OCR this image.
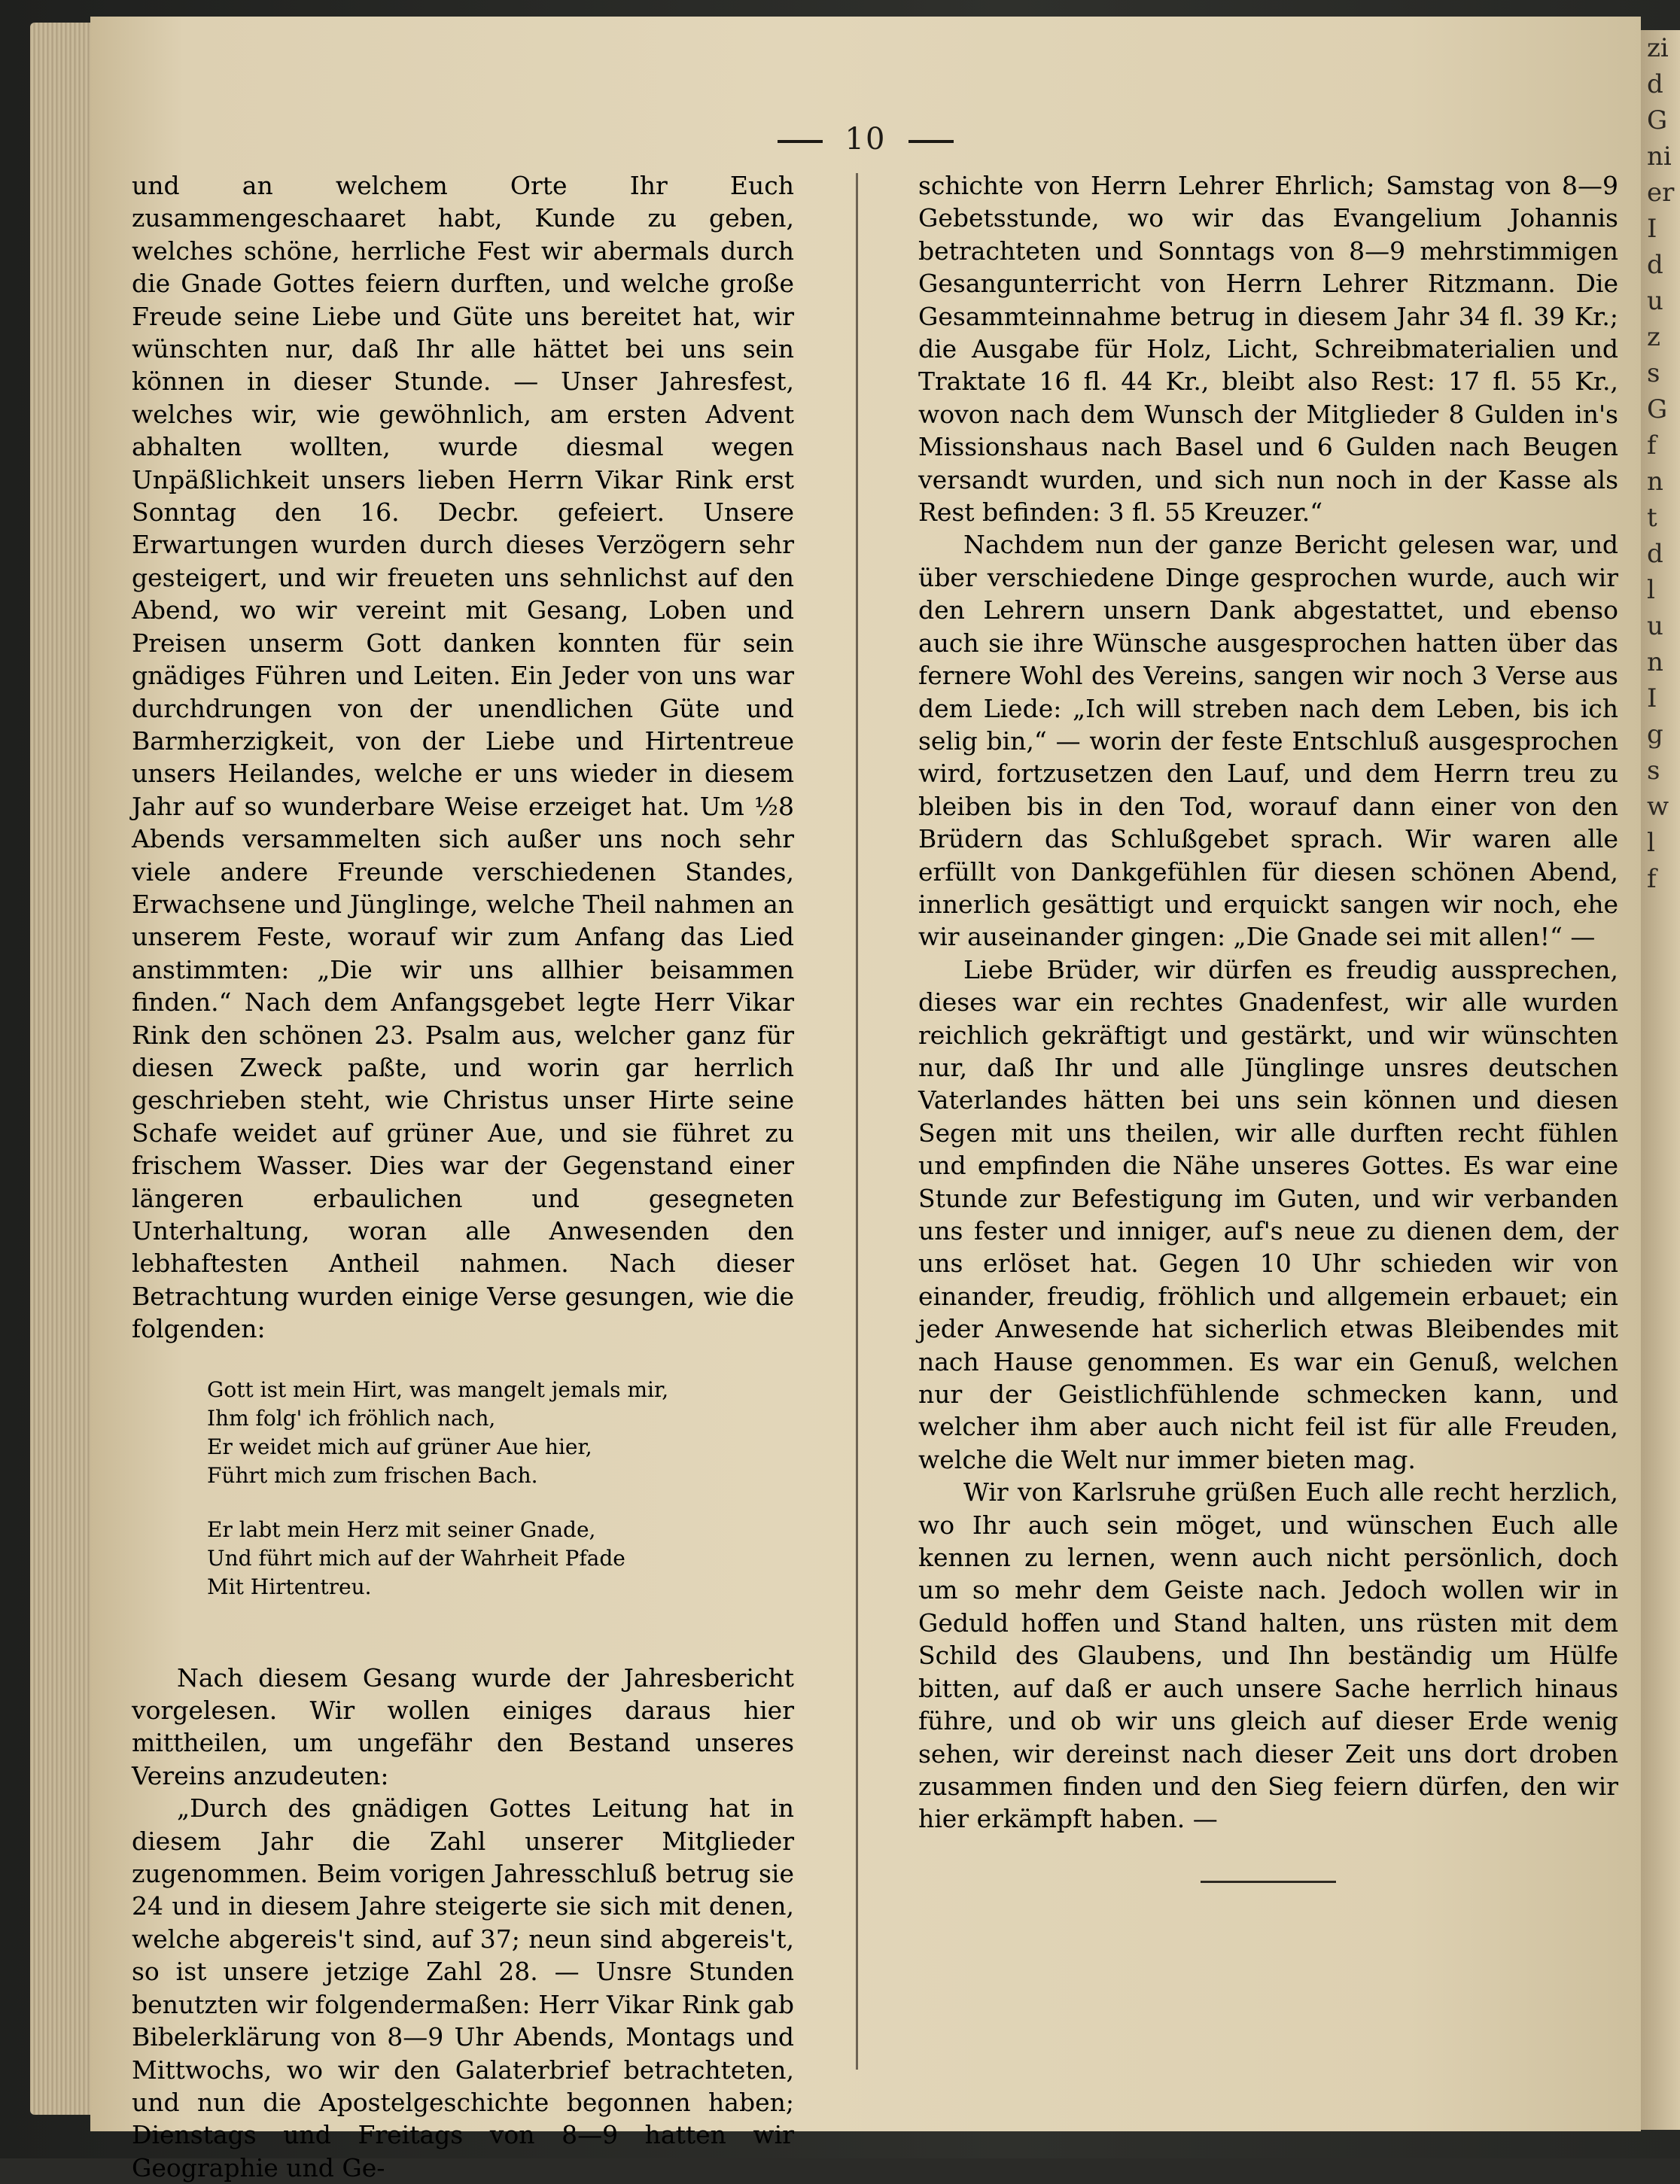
10

und an welchem Orte Ihr Euch zusammengeschaaret habt, Kunde zu geben, welches schöne, herrliche Fest wir abermals durch die Gnade Gottes feiern durften, und welche große Freude seine Liebe und Güte uns bereitet hat, wir wünschten nur, daß Ihr alle hättet bei uns sein können in dieser Stunde. — Unser Jahresfest, welches wir, wie gewöhnlich, am ersten Advent abhalten wollten, wurde diesmal wegen Unpäßlichkeit unsers lieben Herrn Vikar Rink erst Sonntag den 16. Decbr. gefeiert. Unsere Erwartungen wurden durch dieses Verzögern sehr gesteigert, und wir freueten uns sehnlichst auf den Abend, wo wir vereint mit Gesang, Loben und Preisen unserm Gott danken konnten für sein gnädiges Führen und Leiten. Ein Jeder von uns war durchdrungen von der unendlichen Güte und Barmherzigkeit, von der Liebe und Hirtentreue unsers Heilandes, welche er uns wieder in diesem Jahr auf so wunderbare Weise erzeiget hat. Um ½8 Abends versammelten sich außer uns noch sehr viele andere Freunde verschiedenen Standes, Erwachsene und Jünglinge, welche Theil nahmen an unserem Feste, worauf wir zum Anfang das Lied anstimmten: „Die wir uns allhier beisammen finden.“ Nach dem Anfangsgebet legte Herr Vikar Rink den schönen 23. Psalm aus, welcher ganz für diesen Zweck paßte, und worin gar herrlich geschrieben steht, wie Christus unser Hirte seine Schafe weidet auf grüner Aue, und sie führet zu frischem Wasser. Dies war der Gegenstand einer längeren erbaulichen und gesegneten Unterhaltung, woran alle Anwesenden den lebhaftesten Antheil nahmen. Nach dieser Betrachtung wurden einige Verse gesungen, wie die folgenden:

Gott ist mein Hirt, was mangelt jemals mir,
Ihm folg' ich fröhlich nach,
Er weidet mich auf grüner Aue hier,
Führt mich zum frischen Bach.
Er labt mein Herz mit seiner Gnade,
Und führt mich auf der Wahrheit Pfade
Mit Hirtentreu.

Nach diesem Gesang wurde der Jahresbericht vorgelesen. Wir wollen einiges daraus hier mittheilen, um ungefähr den Bestand unseres Vereins anzudeuten:

„Durch des gnädigen Gottes Leitung hat in diesem Jahr die Zahl unserer Mitglieder zugenommen. Beim vorigen Jahresschluß betrug sie 24 und in diesem Jahre steigerte sie sich mit denen, welche abgereis't sind, auf 37; neun sind abgereis't, so ist unsere jetzige Zahl 28. — Unsre Stunden benutzten wir folgendermaßen: Herr Vikar Rink gab Bibelerklärung von 8—9 Uhr Abends, Montags und Mittwochs, wo wir den Galaterbrief betrachteten, und nun die Apostelgeschichte begonnen haben; Dienstags und Freitags von 8—9 hatten wir Geographie und Ge-

schichte von Herrn Lehrer Ehrlich; Samstag von 8—9 Gebetsstunde, wo wir das Evangelium Johannis betrachteten und Sonntags von 8—9 mehrstimmigen Gesangunterricht von Herrn Lehrer Ritzmann. Die Gesammteinnahme betrug in diesem Jahr 34 fl. 39 Kr.; die Ausgabe für Holz, Licht, Schreibmaterialien und Traktate 16 fl. 44 Kr., bleibt also Rest: 17 fl. 55 Kr., wovon nach dem Wunsch der Mitglieder 8 Gulden in's Missionshaus nach Basel und 6 Gulden nach Beugen versandt wurden, und sich nun noch in der Kasse als Rest befinden: 3 fl. 55 Kreuzer.“

Nachdem nun der ganze Bericht gelesen war, und über verschiedene Dinge gesprochen wurde, auch wir den Lehrern unsern Dank abgestattet, und ebenso auch sie ihre Wünsche ausgesprochen hatten über das fernere Wohl des Vereins, sangen wir noch 3 Verse aus dem Liede: „Ich will streben nach dem Leben, bis ich selig bin,“ — worin der feste Entschluß ausgesprochen wird, fortzusetzen den Lauf, und dem Herrn treu zu bleiben bis in den Tod, worauf dann einer von den Brüdern das Schlußgebet sprach. Wir waren alle erfüllt von Dankgefühlen für diesen schönen Abend, innerlich gesättigt und erquickt sangen wir noch, ehe wir auseinander gingen: „Die Gnade sei mit allen!“ —

Liebe Brüder, wir dürfen es freudig aussprechen, dieses war ein rechtes Gnadenfest, wir alle wurden reichlich gekräftigt und gestärkt, und wir wünschten nur, daß Ihr und alle Jünglinge unsres deutschen Vaterlandes hätten bei uns sein können und diesen Segen mit uns theilen, wir alle durften recht fühlen und empfinden die Nähe unseres Gottes. Es war eine Stunde zur Befestigung im Guten, und wir verbanden uns fester und inniger, auf's neue zu dienen dem, der uns erlöset hat. Gegen 10 Uhr schieden wir von einander, freudig, fröhlich und allgemein erbauet; ein jeder Anwesende hat sicherlich etwas Bleibendes mit nach Hause genommen. Es war ein Genuß, welchen nur der Geistlichfühlende schmecken kann, und welcher ihm aber auch nicht feil ist für alle Freuden, welche die Welt nur immer bieten mag.

Wir von Karlsruhe grüßen Euch alle recht herzlich, wo Ihr auch sein möget, und wünschen Euch alle kennen zu lernen, wenn auch nicht persönlich, doch um so mehr dem Geiste nach. Jedoch wollen wir in Geduld hoffen und Stand halten, uns rüsten mit dem Schild des Glaubens, und Ihn beständig um Hülfe bitten, auf daß er auch unsere Sache herrlich hinaus führe, und ob wir uns gleich auf dieser Erde wenig sehen, wir dereinst nach dieser Zeit uns dort droben zusammen finden und den Sieg feiern dürfen, den wir hier erkämpft haben. —

zi
d
G
ni
er
I
d
u
z
s
G
f
n
t
d
l
u
n
I
g
s
w
l
f
